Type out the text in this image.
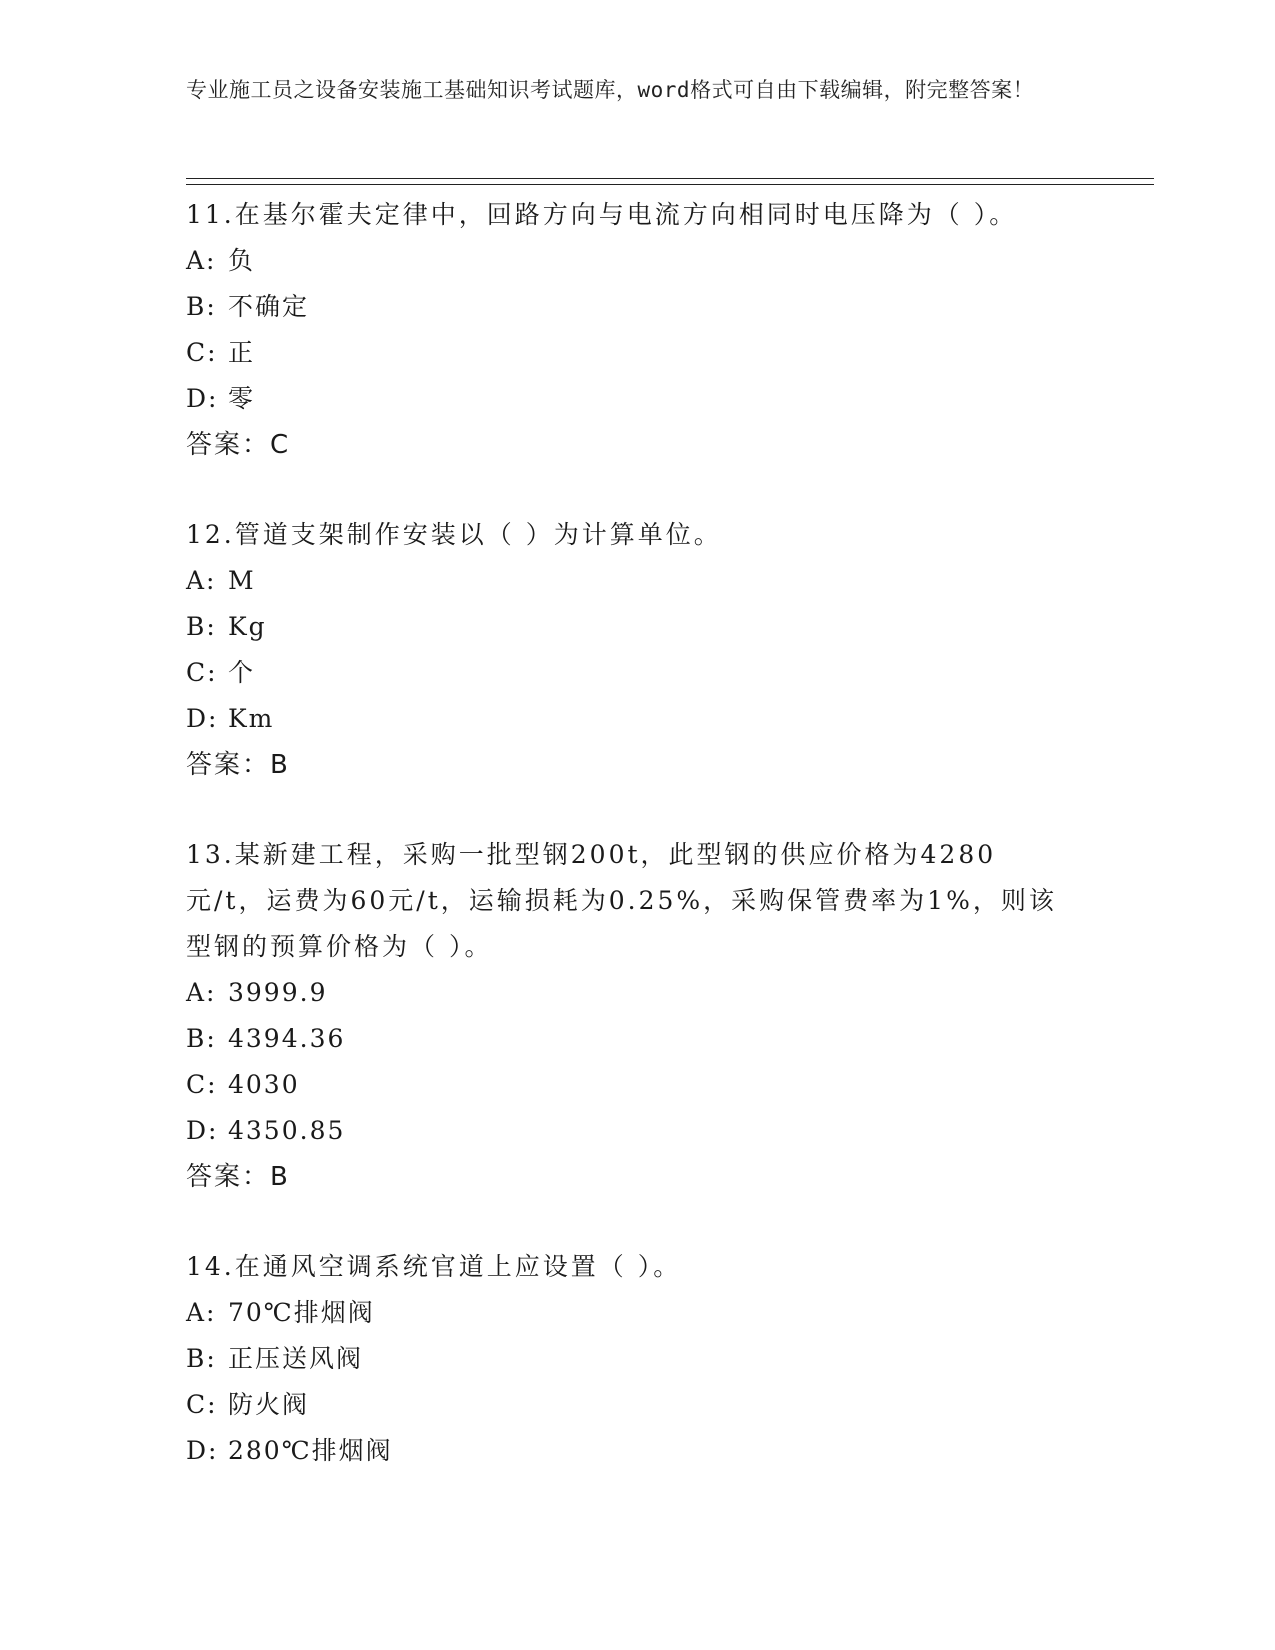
专业施工员之设备安装施工基础知识考试题库，word格式可自由下载编辑，附完整答案！
11.在基尔霍夫定律中，回路方向与电流方向相同时电压降为（ ）。
A: 负
B: 不确定
C: 正
D: 零
答案：C
12.管道支架制作安装以（ ）为计算单位。
A: M
B: Kg
C: 个
D: Km
答案：B
13.某新建工程，采购一批型钢200t，此型钢的供应价格为4280元/t，运费为60元/t，运输损耗为0.25%，采购保管费率为1%，则该型钢的预算价格为（ ）。
A: 3999.9
B: 4394.36
C: 4030
D: 4350.85
答案：B
14.在通风空调系统官道上应设置（ ）。
A: 70℃排烟阀
B: 正压送风阀
C: 防火阀
D: 280℃排烟阀
